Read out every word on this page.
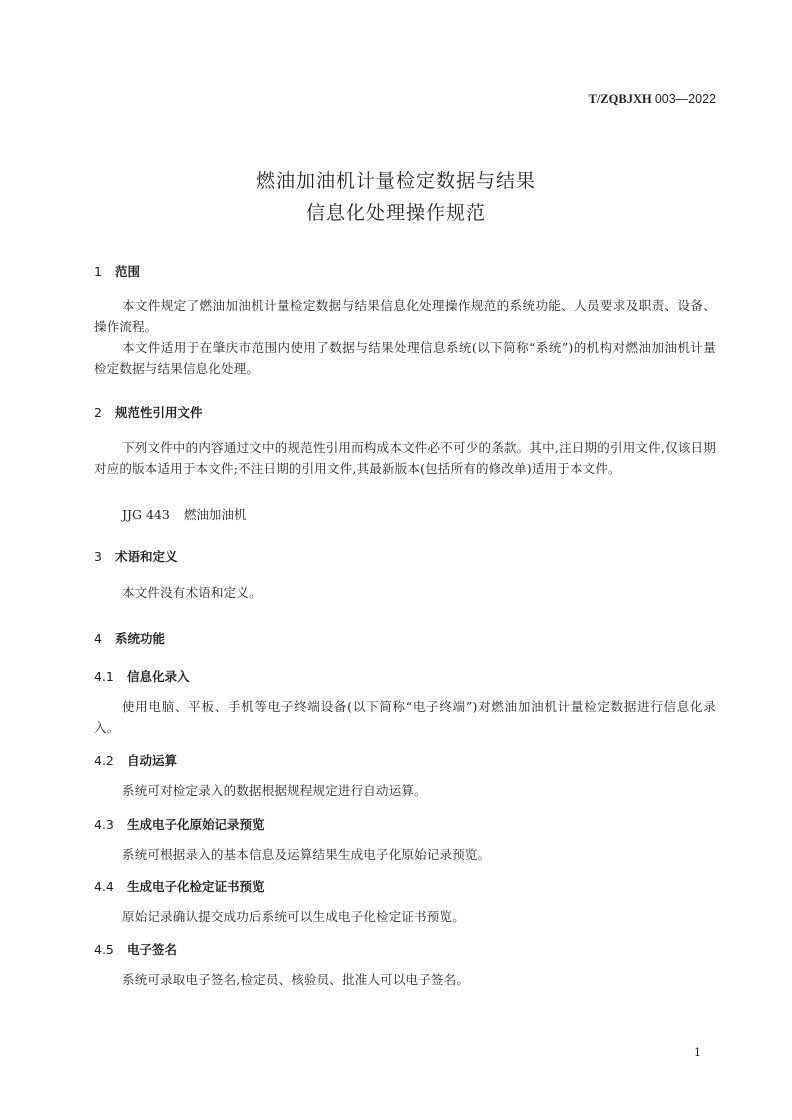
T/ZQBJXH 003—2022
燃油加油机计量检定数据与结果
信息化处理操作规范
1 范围
本文件规定了燃油加油机计量检定数据与结果信息化处理操作规范的系统功能、人员要求及职责、设备、操作流程。
本文件适用于在肇庆市范围内使用了数据与结果处理信息系统(以下简称“系统”)的机构对燃油加油机计量检定数据与结果信息化处理。
2 规范性引用文件
下列文件中的内容通过文中的规范性引用而构成本文件必不可少的条款。其中,注日期的引用文件,仅该日期对应的版本适用于本文件;不注日期的引用文件,其最新版本(包括所有的修改单)适用于本文件。
JJG 443 燃油加油机
3 术语和定义
本文件没有术语和定义。
4 系统功能
4.1 信息化录入
使用电脑、平板、手机等电子终端设备(以下简称“电子终端”)对燃油加油机计量检定数据进行信息化录入。
4.2 自动运算
系统可对检定录入的数据根据规程规定进行自动运算。
4.3 生成电子化原始记录预览
系统可根据录入的基本信息及运算结果生成电子化原始记录预览。
4.4 生成电子化检定证书预览
原始记录确认提交成功后系统可以生成电子化检定证书预览。
4.5 电子签名
系统可录取电子签名,检定员、核验员、批准人可以电子签名。
1
